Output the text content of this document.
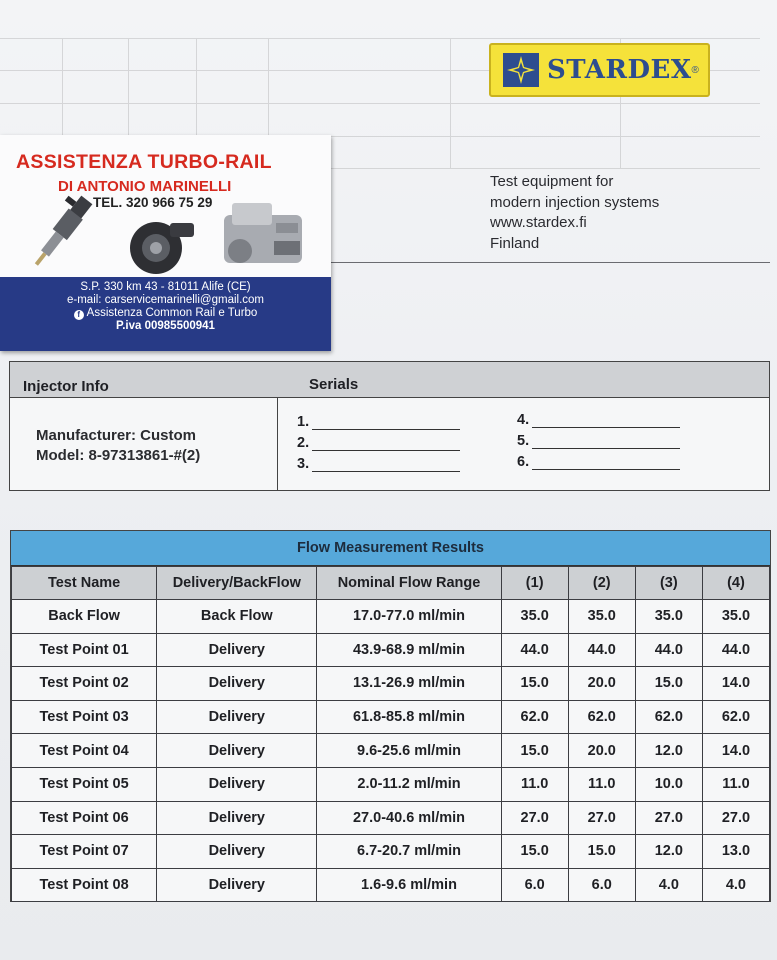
STARDEX ®
Test equipment for
modern injection systems
www.stardex.fi
Finland
ASSISTENZA TURBO-RAIL
DI ANTONIO MARINELLI
TEL. 320 966 75 29
S.P. 330 km 43 - 81011 Alife (CE)
e-mail: carservicemarinelli@gmail.com
f Assistenza Common Rail e Turbo
P.iva 00985500941
Injector Info	Serials
Manufacturer: Custom
Model: 8-97313861-#(2)
1.
2.
3.
4.
5.
6.
Flow Measurement Results
Test Name	Delivery/BackFlow	Nominal Flow Range	(1)	(2)	(3)	(4)
Back Flow	Back Flow	17.0-77.0 ml/min	35.0	35.0	35.0	35.0
Test Point 01	Delivery	43.9-68.9 ml/min	44.0	44.0	44.0	44.0
Test Point 02	Delivery	13.1-26.9 ml/min	15.0	20.0	15.0	14.0
Test Point 03	Delivery	61.8-85.8 ml/min	62.0	62.0	62.0	62.0
Test Point 04	Delivery	9.6-25.6 ml/min	15.0	20.0	12.0	14.0
Test Point 05	Delivery	2.0-11.2 ml/min	11.0	11.0	10.0	11.0
Test Point 06	Delivery	27.0-40.6 ml/min	27.0	27.0	27.0	27.0
Test Point 07	Delivery	6.7-20.7 ml/min	15.0	15.0	12.0	13.0
Test Point 08	Delivery	1.6-9.6 ml/min	6.0	6.0	4.0	4.0
